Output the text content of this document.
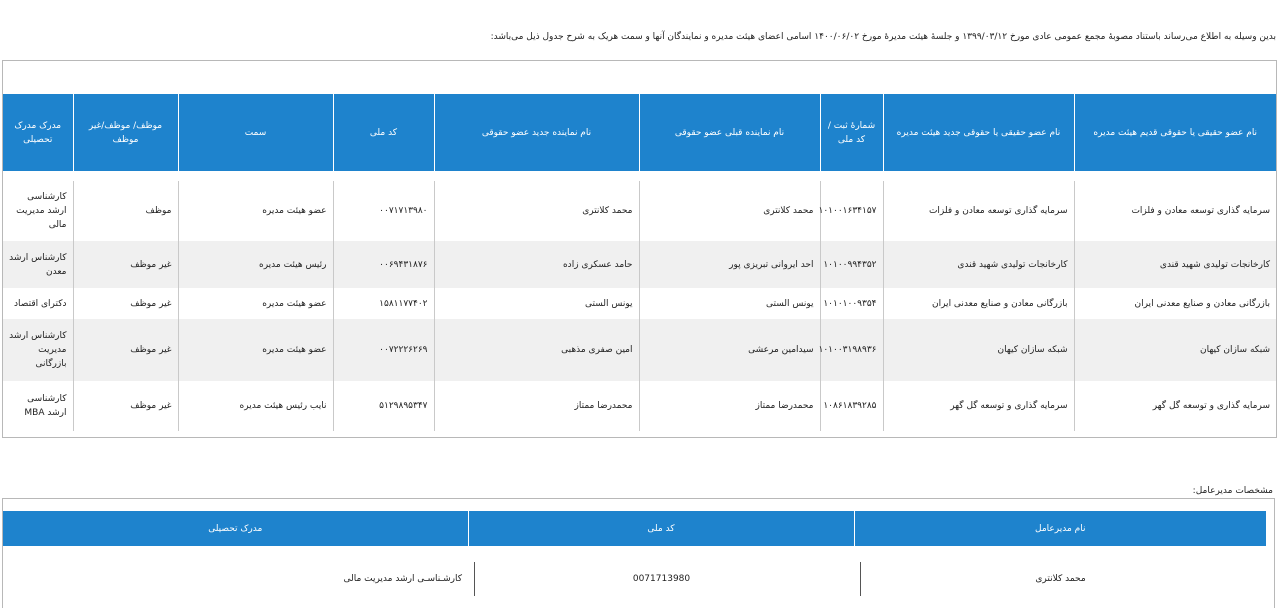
بدین وسیله به اطلاع می‌رساند باستناد مصوبهٔ مجمع عمومی عادی مورخ ۱۳۹۹/۰۳/۱۲ و جلسهٔ هیئت مدیرهٔ مورخ ۱۴۰۰/۰۶/۰۲ اسامی اعضای هیئت مدیره و نمایندگان آنها و سمت هریک به شرح جدول ذیل می‌باشد:
نام عضو حقیقی یا حقوقی قدیم هیئت مدیره	نام عضو حقیقی یا حقوقی جدید هیئت مدیره	شمارهٔ ثبت / کد ملی	نام نماینده قبلی عضو حقوقی	نام نماینده جدید عضو حقوقی	کد ملی	سمت	موظف/ موظف/غیر موظف	مدرک مدرک تحصیلی

سرمایه گذاری توسعه معادن و فلزات	سرمایه گذاری توسعه معادن و فلزات	۱۰۱۰۰۱۶۳۴۱۵۷	محمد کلانتری	محمد کلانتری	۰۰۷۱۷۱۳۹۸۰	عضو هیئت مدیره	موظف	کارشناسی ارشد مدیریت مالی
کارخانجات تولیدی شهید قندی	کارخانجات تولیدی شهید قندی	۱۰۱۰۰۹۹۴۳۵۲	احد ایروانی تبریزی پور	حامد عسکری زاده	۰۰۶۹۴۳۱۸۷۶	رئیس هیئت مدیره	غیر موظف	کارشناس ارشد معدن
بازرگانی معادن و صنایع معدنی ایران	بازرگانی معادن و صنایع معدنی ایران	۱۰۱۰۱۰۰۹۳۵۴	یونس الستی	یونس الستی	۱۵۸۱۱۷۷۴۰۲	عضو هیئت مدیره	غیر موظف	دکترای اقتصاد
شبکه سازان کیهان	شبکه سازان کیهان	۱۰۱۰۰۳۱۹۸۹۳۶	سیدامین مرعشی	امین صفری مذهبی	۰۰۷۲۲۲۶۲۶۹	عضو هیئت مدیره	غیر موظف	کارشناس ارشد مدیریت بازرگانی
سرمایه گذاری و توسعه گل گهر	سرمایه گذاری و توسعه گل گهر	۱۰۸۶۱۸۳۹۲۸۵	محمدرضا ممتاز	محمدرضا ممتاز	۵۱۲۹۸۹۵۳۴۷	نایب رئیس هیئت مدیره	غیر موظف	کارشناسی ارشد MBA
مشخصات مدیرعامل:
نام مدیرعامل	کد ملی	مدرک تحصیلی

محمد کلانتری	0071713980	کارشـناسـی ارشد مدیریت مالی
